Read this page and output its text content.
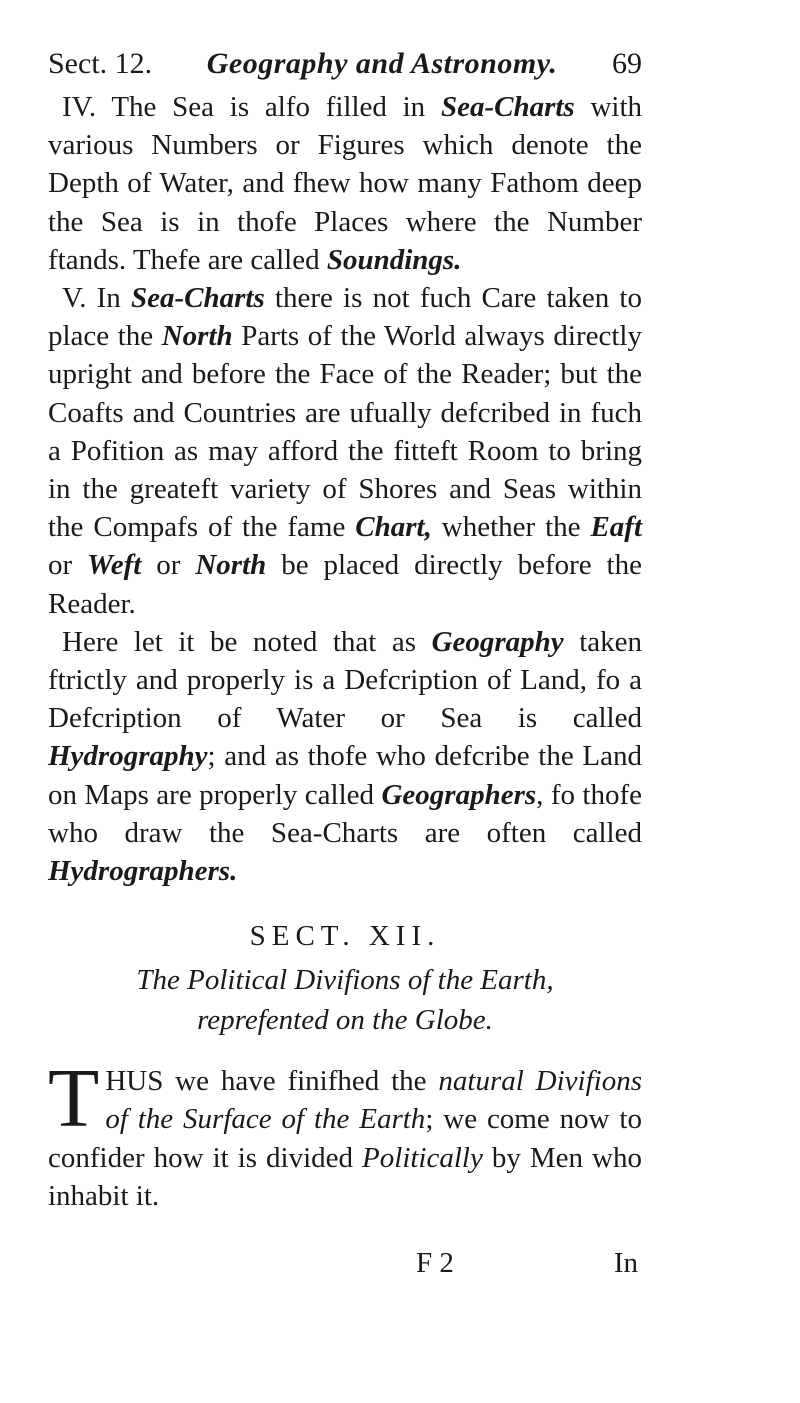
Sect. 12. Geography and Astronomy. 69

IV. The Sea is alfo filled in Sea-Charts with various Numbers or Figures which denote the Depth of Water, and fhew how many Fathom deep the Sea is in thofe Places where the Number ftands. Thefe are called Soundings.

V. In Sea-Charts there is not fuch Care taken to place the North Parts of the World always directly upright and before the Face of the Reader; but the Coafts and Countries are ufually defcribed in fuch a Pofition as may afford the fitteft Room to bring in the greateft variety of Shores and Seas within the Compafs of the fame Chart, whether the Eaft or Weft or North be placed directly before the Reader.

Here let it be noted that as Geography taken ftrictly and properly is a Defcription of Land, fo a Defcription of Water or Sea is called Hydrography; and as thofe who defcribe the Land on Maps are properly called Geographers, fo thofe who draw the Sea-Charts are often called Hydrographers.

SECT. XII.
The Political Divifions of the Earth, reprefented on the Globe.

THUS we have finifhed the natural Divifions of the Surface of the Earth; we come now to confider how it is divided Politically by Men who inhabit it.

F 2	In
